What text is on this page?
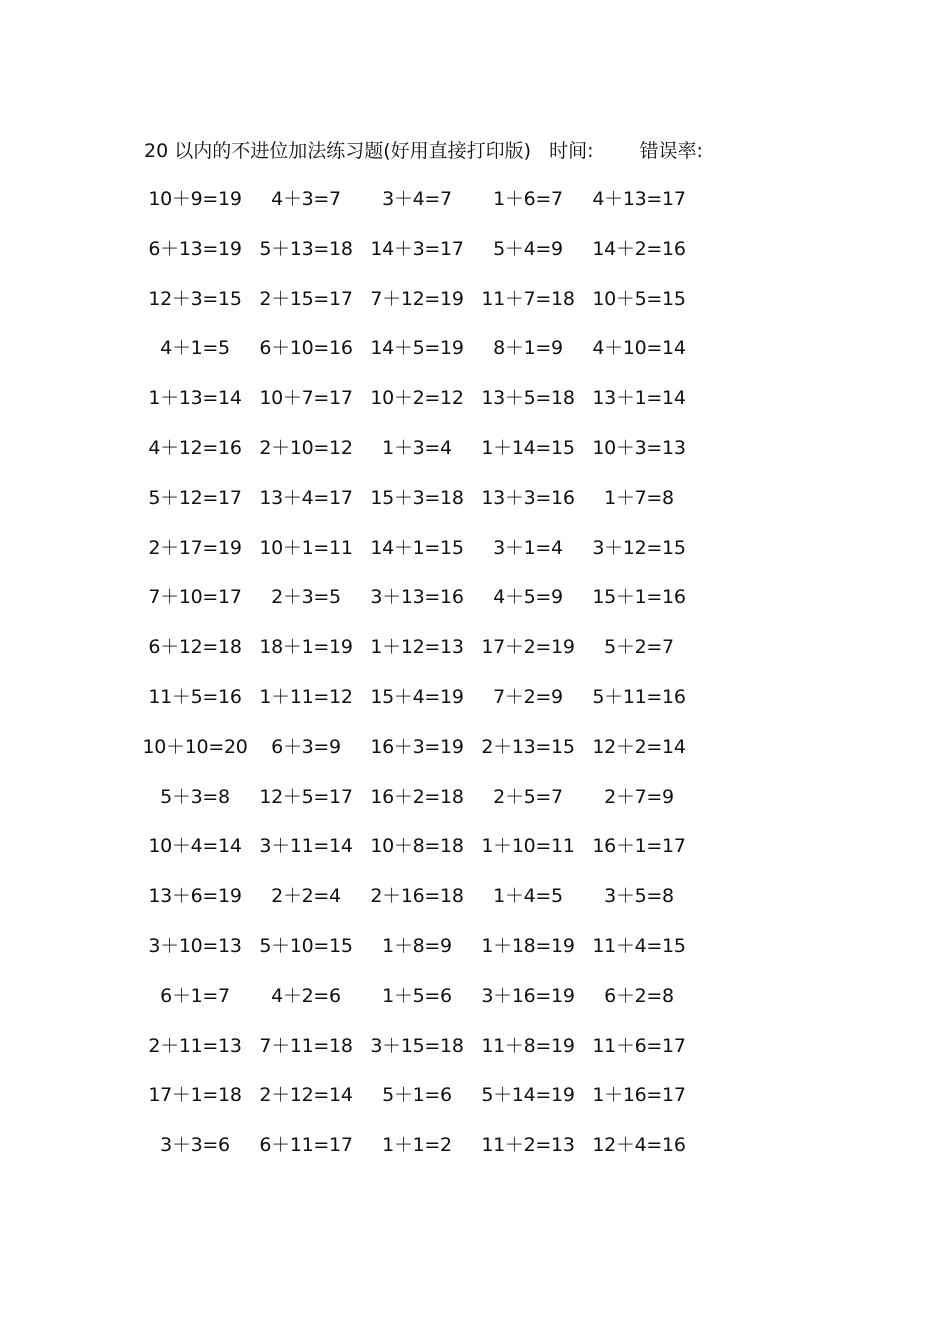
20 以内的不进位加法练习题(好用直接打印版) 时间: 错误率:
10＋9=19	4＋3=7	3＋4=7	1＋6=7	4＋13=17
6＋13=19 5＋13=18 14＋3=17	5＋4=9	14＋2=16
12＋3=15 2＋15=17 7＋12=19 11＋7=18 10＋5=15
4＋1=5	6＋10=16 14＋5=19	8＋1=9	4＋10=14
1＋13=14 10＋7=17 10＋2=12 13＋5=18 13＋1=14
4＋12=16 2＋10=12	1＋3=4	1＋14=15 10＋3=13
5＋12=17 13＋4=17 15＋3=18 13＋3=16	1＋7=8
2＋17=19 10＋1=11 14＋1=15	3＋1=4	3＋12=15
7＋10=17	2＋3=5	3＋13=16	4＋5=9	15＋1=16
6＋12=18 18＋1=19 1＋12=13 17＋2=19	5＋2=7
11＋5=16 1＋11=12 15＋4=19	7＋2=9	5＋11=16
10＋10=20	6＋3=9	16＋3=19 2＋13=15 12＋2=14
5＋3=8	12＋5=17 16＋2=18	2＋5=7	2＋7=9
10＋4=14 3＋11=14 10＋8=18 1＋10=11 16＋1=17
13＋6=19	2＋2=4	2＋16=18	1＋4=5	3＋5=8
3＋10=13 5＋10=15	1＋8=9	1＋18=19 11＋4=15
6＋1=7	4＋2=6	1＋5=6	3＋16=19	6＋2=8
2＋11=13 7＋11=18 3＋15=18 11＋8=19 11＋6=17
17＋1=18 2＋12=14	5＋1=6	5＋14=19 1＋16=17
3＋3=6	6＋11=17	1＋1=2	11＋2=13 12＋4=16
